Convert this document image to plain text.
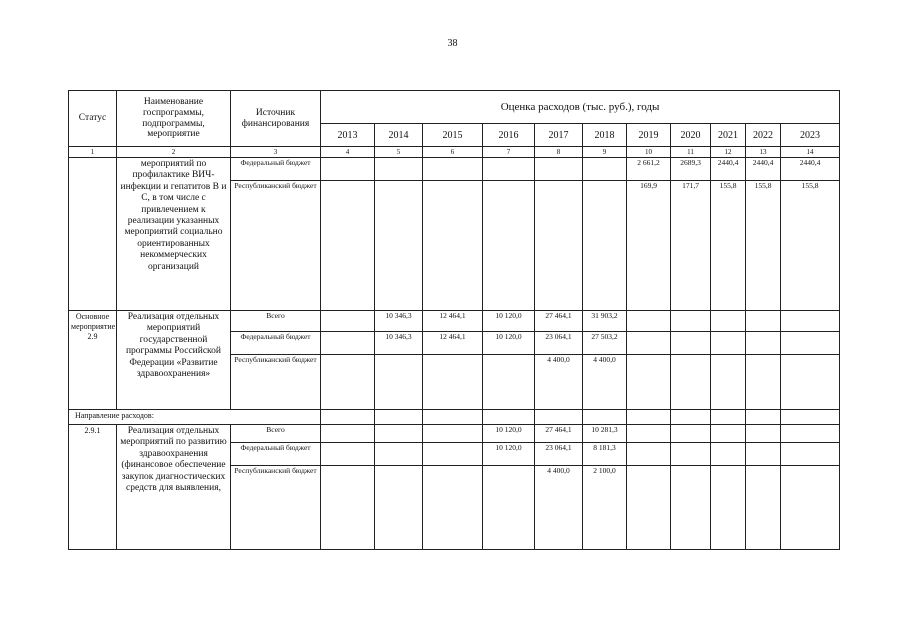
38
Статус	Наименование госпрограммы, подпрограммы, мероприятие	Источник финансирования	Оценка расходов (тыс. руб.), годы										
			2013	2014	2015	2016	2017	2018	2019	2020	2021	2022	2023
1	2	3	4	5	6	7	8	9	10	11	12	13	14
	мероприятий по профилактике ВИЧ-инфекции и гепатитов В и С, в том числе с привлечением к реализации указанных мероприятий социально ориентированных некоммерческих организаций	Федеральный бюджет							2 661,2	2689,3	2440,4	2440,4	2440,4
		Республиканский бюджет							169,9	171,7	155,8	155,8	155,8
Основное мероприятие 2.9	Реализация отдельных мероприятий государственной программы Российской Федерации «Развитие здравоохранения»	Всего		10 346,3	12 464,1	10 120,0	27 464,1	31 903,2					
		Федеральный бюджет		10 346,3	12 464,1	10 120,0	23 064,1	27 503,2					
		Республиканский бюджет					4 400,0	4 400,0					
Направление расходов:													
2.9.1	Реализация отдельных мероприятий по развитию здравоохранения (финансовое обеспечение закупок диагностических средств для выявления,	Всего				10 120,0	27 464,1	10 281,3					
		Федеральный бюджет				10 120,0	23 064,1	8 181,3					
		Республиканский бюджет					4 400,0	2 100,0					
